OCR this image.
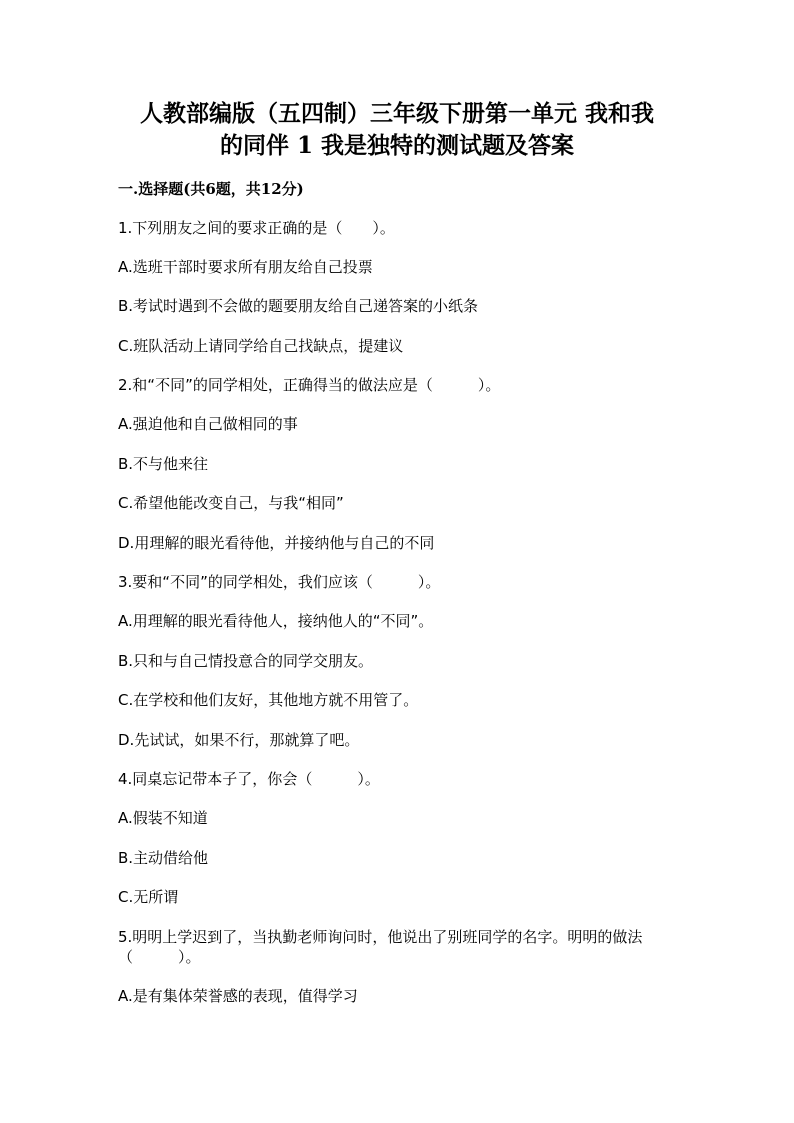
人教部编版（五四制）三年级下册第一单元 我和我
的同伴 1 我是独特的测试题及答案
一.选择题(共6题，共12分)
1.下列朋友之间的要求正确的是（　　）。
A.选班干部时要求所有朋友给自己投票
B.考试时遇到不会做的题要朋友给自己递答案的小纸条
C.班队活动上请同学给自己找缺点，提建议
2.和“不同”的同学相处，正确得当的做法应是（　　　）。
A.强迫他和自己做相同的事
B.不与他来往
C.希望他能改变自己，与我“相同”
D.用理解的眼光看待他，并接纳他与自己的不同
3.要和“不同”的同学相处，我们应该（　　　）。
A.用理解的眼光看待他人，接纳他人的“不同”。
B.只和与自己情投意合的同学交朋友。
C.在学校和他们友好，其他地方就不用管了。
D.先试试，如果不行，那就算了吧。
4.同桌忘记带本子了，你会（　　　）。
A.假装不知道
B.主动借给他
C.无所谓
5.明明上学迟到了，当执勤老师询问时，他说出了别班同学的名字。明明的做法（　　　）。
A.是有集体荣誉感的表现，值得学习
